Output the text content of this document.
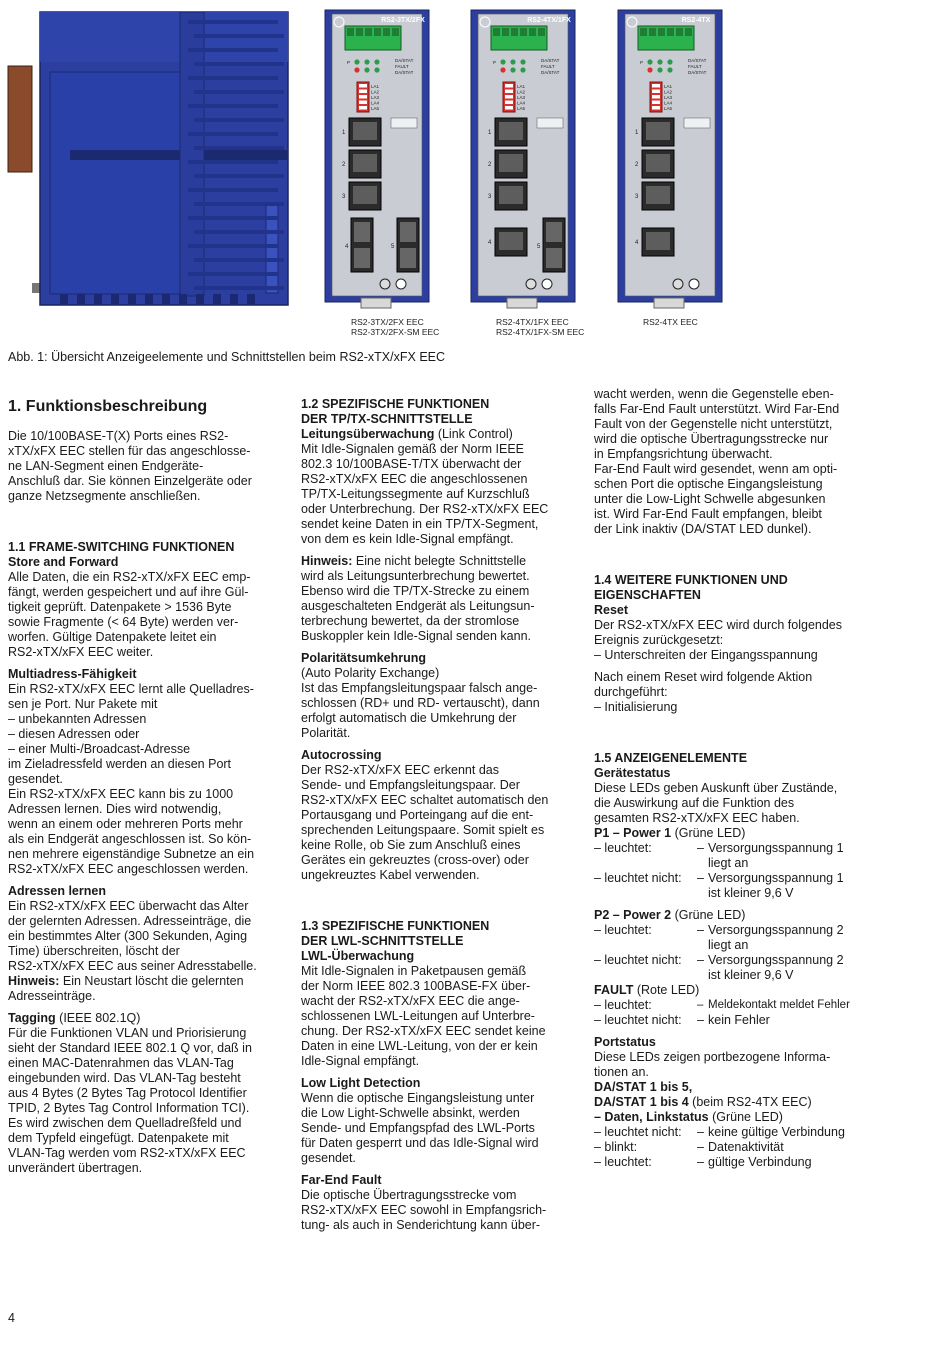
RS2-3TX/2FX
DA/STAT
FAULT
DA/STAT
P
LA1
LA2
LA3
LA4
LA5
1
2
3
4	5
RS2-4TX/1FX
DA/STAT
FAULT
DA/STAT
P
LA1
LA2
LA3
LA4
LA5
1
2
3
4
5
RS2-4TX
DA/STAT
FAULT
DA/STAT
P
LA1
LA2
LA3
LA4
LA5
1
2
3
4
RS2-3TX/2FX EEC
RS2-3TX/2FX-SM EEC
RS2-4TX/1FX EEC
RS2-4TX/1FX-SM EEC
RS2-4TX EEC
Abb. 1: Übersicht Anzeigeelemente und Schnittstellen beim RS2-xTX/xFX EEC
1. Funktionsbeschreibung
Die 10/100BASE-T(X) Ports eines RS2-
xTX/xFX EEC stellen für das angeschlosse-
ne LAN-Segment einen Endgeräte-
Anschluß dar. Sie können Einzelgeräte oder
ganze Netzsegmente anschließen.
1.1 FRAME-SWITCHING FUNKTIONEN
Store and Forward
Alle Daten, die ein RS2-xTX/xFX EEC emp-
fängt, werden gespeichert und auf ihre Gül-
tigkeit geprüft. Datenpakete > 1536 Byte
sowie Fragmente (< 64 Byte) werden ver-
worfen. Gültige Datenpakete leitet ein
RS2-xTX/xFX EEC weiter.
Multiadress-Fähigkeit
Ein RS2-xTX/xFX EEC lernt alle Quelladres-
sen je Port. Nur Pakete mit
– unbekannten Adressen
– diesen Adressen oder
– einer Multi-/Broadcast-Adresse
im Zieladressfeld werden an diesen Port
gesendet.
Ein RS2-xTX/xFX EEC kann bis zu 1000
Adressen lernen. Dies wird notwendig,
wenn an einem oder mehreren Ports mehr
als ein Endgerät angeschlossen ist. So kön-
nen mehrere eigenständige Subnetze an ein
RS2-xTX/xFX EEC angeschlossen werden.
Adressen lernen
Ein RS2-xTX/xFX EEC überwacht das Alter
der gelernten Adressen. Adresseinträge, die
ein bestimmtes Alter (300 Sekunden, Aging
Time) überschreiten, löscht der
RS2-xTX/xFX EEC aus seiner Adresstabelle.
Hinweis: Ein Neustart löscht die gelernten
Adresseinträge.
Tagging (IEEE 802.1Q)
Für die Funktionen VLAN und Priorisierung
sieht der Standard IEEE 802.1 Q vor, daß in
einen MAC-Datenrahmen das VLAN-Tag
eingebunden wird. Das VLAN-Tag besteht
aus 4 Bytes (2 Bytes Tag Protocol Identifier
TPID, 2 Bytes Tag Control Information TCI).
Es wird zwischen dem Quelladreßfeld und
dem Typfeld eingefügt. Datenpakete mit
VLAN-Tag werden vom RS2-xTX/xFX EEC
unverändert übertragen.
1.2 SPEZIFISCHE FUNKTIONEN
DER TP/TX-SCHNITTSTELLE
Leitungsüberwachung (Link Control)
Mit Idle-Signalen gemäß der Norm IEEE
802.3 10/100BASE-T/TX überwacht der
RS2-xTX/xFX EEC die angeschlossenen
TP/TX-Leitungssegmente auf Kurzschluß
oder Unterbrechung. Der RS2-xTX/xFX EEC
sendet keine Daten in ein TP/TX-Segment,
von dem es kein Idle-Signal empfängt.
Hinweis: Eine nicht belegte Schnittstelle
wird als Leitungsunterbrechung bewertet.
Ebenso wird die TP/TX-Strecke zu einem
ausgeschalteten Endgerät als Leitungsun-
terbrechung bewertet, da der stromlose
Buskoppler kein Idle-Signal senden kann.
Polaritätsumkehrung
(Auto Polarity Exchange)
Ist das Empfangsleitungspaar falsch ange-
schlossen (RD+ und RD- vertauscht), dann
erfolgt automatisch die Umkehrung der
Polarität.
Autocrossing
Der RS2-xTX/xFX EEC erkennt das
Sende- und Empfangsleitungspaar. Der
RS2-xTX/xFX EEC schaltet automatisch den
Portausgang und Porteingang auf die ent-
sprechenden Leitungspaare. Somit spielt es
keine Rolle, ob Sie zum Anschluß eines
Gerätes ein gekreuztes (cross-over) oder
ungekreuztes Kabel verwenden.
1.3 SPEZIFISCHE FUNKTIONEN
DER LWL-SCHNITTSTELLE
LWL-Überwachung
Mit Idle-Signalen in Paketpausen gemäß
der Norm IEEE 802.3 100BASE-FX über-
wacht der RS2-xTX/xFX EEC die ange-
schlossenen LWL-Leitungen auf Unterbre-
chung. Der RS2-xTX/xFX EEC sendet keine
Daten in eine LWL-Leitung, von der er kein
Idle-Signal empfängt.
Low Light Detection
Wenn die optische Eingangsleistung unter
die Low Light-Schwelle absinkt, werden
Sende- und Empfangspfad des LWL-Ports
für Daten gesperrt und das Idle-Signal wird
gesendet.
Far-End Fault
Die optische Übertragungsstrecke vom
RS2-xTX/xFX EEC sowohl in Empfangsrich-
tung- als auch in Senderichtung kann über-
wacht werden, wenn die Gegenstelle eben-
falls Far-End Fault unterstützt. Wird Far-End
Fault von der Gegenstelle nicht unterstützt,
wird die optische Übertragungsstrecke nur
in Empfangsrichtung überwacht.
Far-End Fault wird gesendet, wenn am opti-
schen Port die optische Eingangsleistung
unter die Low-Light Schwelle abgesunken
ist. Wird Far-End Fault empfangen, bleibt
der Link inaktiv (DA/STAT LED dunkel).
1.4 WEITERE FUNKTIONEN UND
EIGENSCHAFTEN
Reset
Der RS2-xTX/xFX EEC wird durch folgendes
Ereignis zurückgesetzt:
– Unterschreiten der Eingangsspannung
Nach einem Reset wird folgende Aktion
durchgeführt:
– Initialisierung
1.5 ANZEIGENELEMENTE
Gerätestatus
Diese LEDs geben Auskunft über Zustände,
die Auswirkung auf die Funktion des
gesamten RS2-xTX/xFX EEC haben.
P1 – Power 1 (Grüne LED)
– leuchtet:	– Versorgungsspannung 1
liegt an
– leuchtet nicht:	– Versorgungsspannung 1
ist kleiner 9,6 V
P2 – Power 2 (Grüne LED)
– leuchtet:	– Versorgungsspannung 2
liegt an
– leuchtet nicht:	– Versorgungsspannung 2
ist kleiner 9,6 V
FAULT (Rote LED)
– leuchtet:	– Meldekontakt meldet Fehler
– leuchtet nicht:	– kein Fehler
Portstatus
Diese LEDs zeigen portbezogene Informa-
tionen an.
DA/STAT 1 bis 5,
DA/STAT 1 bis 4 (beim RS2-4TX EEC)
– Daten, Linkstatus (Grüne LED)
– leuchtet nicht:	– keine gültige Verbindung
– blinkt:	– Datenaktivität
– leuchtet:	– gültige Verbindung
4
